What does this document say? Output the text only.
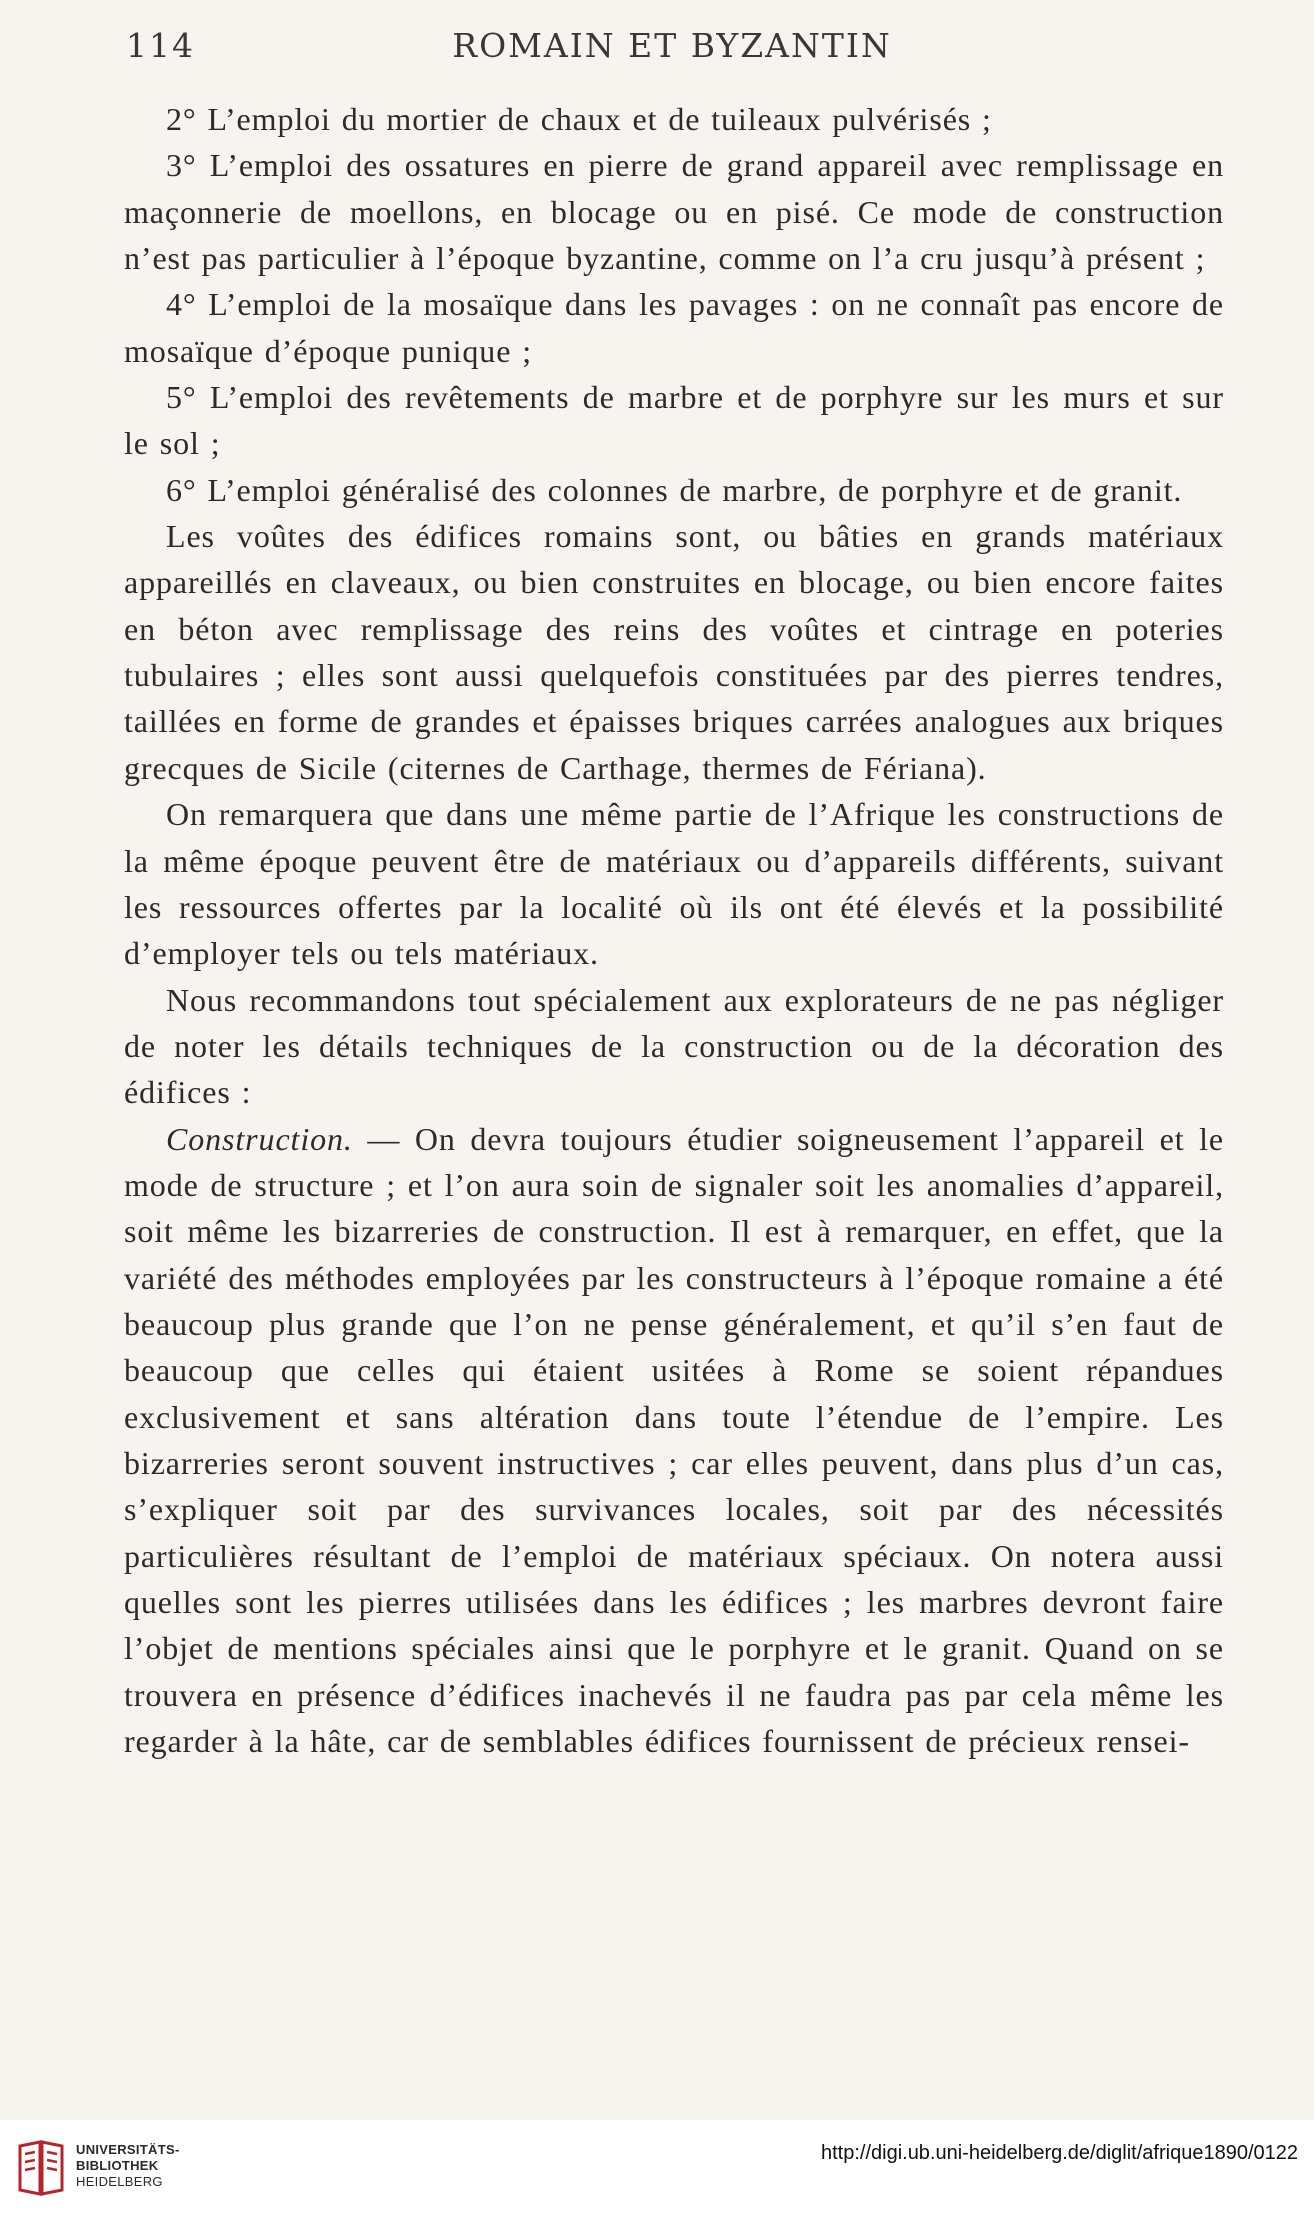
114	ROMAIN ET BYZANTIN

2° L’emploi du mortier de chaux et de tuileaux pulvérisés ;

3° L’emploi des ossatures en pierre de grand appareil avec remplissage en maçonnerie de moellons, en blocage ou en pisé. Ce mode de construction n’est pas particulier à l’époque byzantine, comme on l’a cru jusqu’à présent ;

4° L’emploi de la mosaïque dans les pavages : on ne connaît pas encore de mosaïque d’époque punique ;

5° L’emploi des revêtements de marbre et de porphyre sur les murs et sur le sol ;

6° L’emploi généralisé des colonnes de marbre, de porphyre et de granit.

Les voûtes des édifices romains sont, ou bâties en grands matériaux appareillés en claveaux, ou bien construites en blocage, ou bien encore faites en béton avec remplissage des reins des voûtes et cintrage en poteries tubulaires ; elles sont aussi quelquefois constituées par des pierres tendres, taillées en forme de grandes et épaisses briques carrées analogues aux briques grecques de Sicile (citernes de Carthage, thermes de Fériana).

On remarquera que dans une même partie de l’Afrique les constructions de la même époque peuvent être de matériaux ou d’appareils différents, suivant les ressources offertes par la localité où ils ont été élevés et la possibilité d’employer tels ou tels matériaux.

Nous recommandons tout spécialement aux explorateurs de ne pas négliger de noter les détails techniques de la construction ou de la décoration des édifices :

Construction. — On devra toujours étudier soigneusement l’appareil et le mode de structure ; et l’on aura soin de signaler soit les anomalies d’appareil, soit même les bizarreries de construction. Il est à remarquer, en effet, que la variété des méthodes employées par les constructeurs à l’époque romaine a été beaucoup plus grande que l’on ne pense généralement, et qu’il s’en faut de beaucoup que celles qui étaient usitées à Rome se soient répandues exclusivement et sans altération dans toute l’étendue de l’empire. Les bizarreries seront souvent instructives ; car elles peuvent, dans plus d’un cas, s’expliquer soit par des survivances locales, soit par des nécessités particulières résultant de l’emploi de matériaux spéciaux. On notera aussi quelles sont les pierres utilisées dans les édifices ; les marbres devront faire l’objet de mentions spéciales ainsi que le porphyre et le granit. Quand on se trouvera en présence d’édifices inachevés il ne faudra pas par cela même les regarder à la hâte, car de semblables édifices fournissent de précieux rensei-

UNIVERSITÄTS-
BIBLIOTHEK
HEIDELBERG
http://digi.ub.uni-heidelberg.de/diglit/afrique1890/0122
